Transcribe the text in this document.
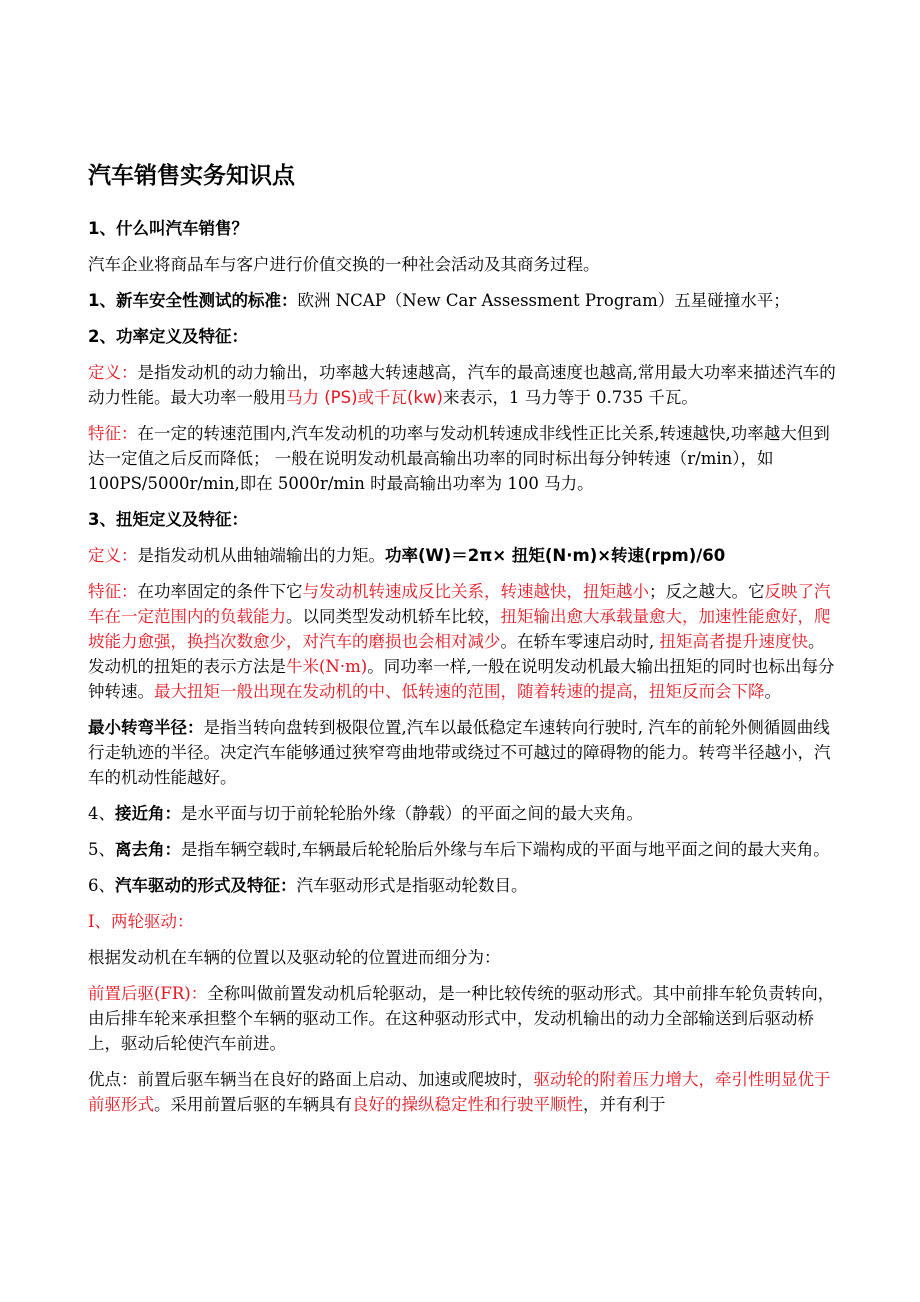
汽车销售实务知识点

1、什么叫汽车销售？

汽车企业将商品车与客户进行价值交换的一种社会活动及其商务过程。

1、新车安全性测试的标准：欧洲 NCAP（New Car Assessment Program）五星碰撞水平；

2、功率定义及特征：

定义：是指发动机的动力输出，功率越大转速越高，汽车的最高速度也越高,常用最大功率来描述汽车的动力性能。最大功率一般用马力 (PS)或千瓦(kw)来表示，1 马力等于 0.735 千瓦。

特征：在一定的转速范围内,汽车发动机的功率与发动机转速成非线性正比关系,转速越快,功率越大但到达一定值之后反而降低； 一般在说明发动机最高输出功率的同时标出每分钟转速（r/min），如 100PS/5000r/min,即在 5000r/min 时最高输出功率为 100 马力。

3、扭矩定义及特征：

定义：是指发动机从曲轴端输出的力矩。功率(W)＝2π× 扭矩(N·m)×转速(rpm)/60

特征：在功率固定的条件下它与发动机转速成反比关系，转速越快，扭矩越小；反之越大。它反映了汽车在一定范围内的负载能力。以同类型发动机轿车比较，扭矩输出愈大承载量愈大，加速性能愈好，爬坡能力愈强，换挡次数愈少，对汽车的磨损也会相对减少。在轿车零速启动时, 扭矩高者提升速度快。发动机的扭矩的表示方法是牛米(N·m)。同功率一样,一般在说明发动机最大输出扭矩的同时也标出每分钟转速。最大扭矩一般出现在发动机的中、低转速的范围，随着转速的提高，扭矩反而会下降。

最小转弯半径：是指当转向盘转到极限位置,汽车以最低稳定车速转向行驶时, 汽车的前轮外侧循圆曲线行走轨迹的半径。决定汽车能够通过狭窄弯曲地带或绕过不可越过的障碍物的能力。转弯半径越小，汽车的机动性能越好。

4、接近角：是水平面与切于前轮轮胎外缘（静载）的平面之间的最大夹角。

5、离去角：是指车辆空载时,车辆最后轮轮胎后外缘与车后下端构成的平面与地平面之间的最大夹角。

6、汽车驱动的形式及特征：汽车驱动形式是指驱动轮数目。

Ⅰ、两轮驱动：

根据发动机在车辆的位置以及驱动轮的位置进而细分为：

前置后驱(FR)：全称叫做前置发动机后轮驱动，是一种比较传统的驱动形式。其中前排车轮负责转向，由后排车轮来承担整个车辆的驱动工作。在这种驱动形式中，发动机输出的动力全部输送到后驱动桥上，驱动后轮使汽车前进。

优点：前置后驱车辆当在良好的路面上启动、加速或爬坡时，驱动轮的附着压力增大，牵引性明显优于前驱形式。采用前置后驱的车辆具有良好的操纵稳定性和行驶平顺性，并有利于
